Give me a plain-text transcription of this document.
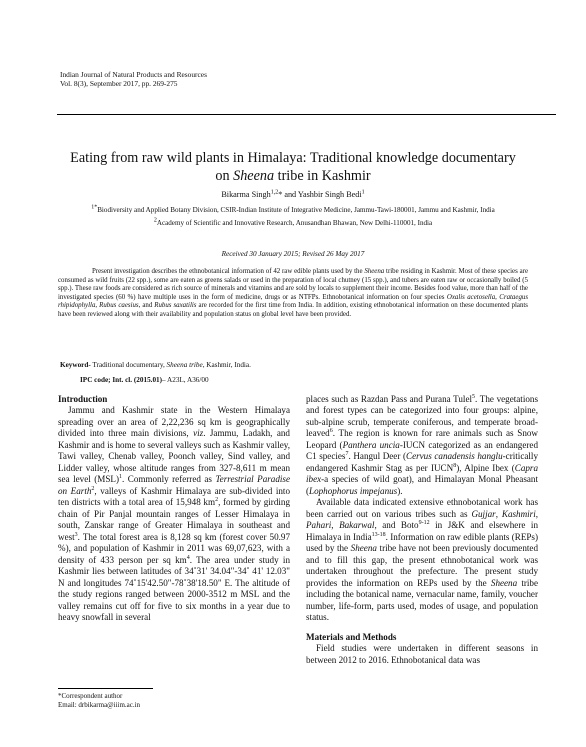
Indian Journal of Natural Products and Resources
Vol. 8(3), September 2017, pp. 269-275
Eating from raw wild plants in Himalaya: Traditional knowledge documentary
on Sheena tribe in Kashmir
Bikarma Singh$^{1,2}$* and Yashbir Singh Bedi$^1$
$^{1*}$Biodiversity and Applied Botany Division, CSIR-Indian Institute of Integrative Medicine, Jammu-Tawi-180001, Jammu and Kashmir, India
$^2$Academy of Scientific and Innovative Research, Anusandhan Bhawan, New Delhi-110001, India
Received 30 January 2015; Revised 26 May 2017
Present investigation describes the ethnobotanical information of 42 raw edible plants used by the Sheena tribe residing in Kashmir. Most of these species are consumed as wild fruits (22 spp.), some are eaten as greens salads or used in the preparation of local chutney (15 spp.), and tubers are eaten raw or occasionally boiled (5 spp.). These raw foods are considered as rich source of minerals and vitamins and are sold by locals to supplement their income. Besides food value, more than half of the investigated species (60 %) have multiple uses in the form of medicine, drugs or as NTFPs. Ethnobotanical information on four species Oxalis acetosella, Crataegus rhipidophylla, Rubus caesius, and Rubus saxatilis are recorded for the first time from India. In addition, existing ethnobotanical information on these documented plants have been reviewed along with their availability and population status on global level have been provided.
Keyword- Traditional documentary, Sheena tribe, Kashmir, India.
IPC code; Int. cl. (2015.01)– A23L, A36/00
Introduction

Jammu and Kashmir state in the Western Himalaya spreading over an area of 2,22,236 sq km is geographically divided into three main divisions, viz. Jammu, Ladakh, and Kashmir and is home to several valleys such as Kashmir valley, Tawi valley, Chenab valley, Poonch valley, Sind valley, and Lidder valley, whose altitude ranges from 327-8,611 m mean sea level (MSL)$^1$. Commonly referred as Terrestrial Paradise on Earth$^2$, valleys of Kashmir Himalaya are sub-divided into ten districts with a total area of 15,948 $km^2$, formed by girding chain of Pir Panjal mountain ranges of Lesser Himalaya in south, Zanskar range of Greater Himalaya in southeast and west$^3$. The total forest area is 8,128 sq km (forest cover 50.97 %), and population of Kashmir in 2011 was 69,07,623, with a density of 433 person per sq $km^4$. The area under study in Kashmir lies between latitudes of 34˚31' 34.04"-34˚ 41' 12.03" N and longitudes 74˚15'42.50"-78˚38'18.50" E. The altitude of the study regions ranged between 2000-3512 m MSL and the valley remains cut off for five to six months in a year due to heavy snowfall in several

places such as Razdan Pass and Purana Tulel$^5$. The vegetations and forest types can be categorized into four groups: alpine, sub-alpine scrub, temperate coniferous, and temperate broad-leaved$^6$. The region is known for rare animals such as Snow Leopard (Panthera uncia-IUCN categorized as an endangered C1 species$^7$. Hangul Deer (Cervus canadensis hanglu-critically endangered Kashmir Stag as per IUCN$^8$), Alpine Ibex (Capra ibex-a species of wild goat), and Himalayan Monal Pheasant (Lophophorus impejanus).

Available data indicated extensive ethnobotanical work has been carried out on various tribes such as Gujjar, Kashmiri, Pahari, Bakarwal, and Boto$^{9-12}$ in J&K and elsewhere in Himalaya in India$^{13-18}$. Information on raw edible plants (REPs) used by the Sheena tribe have not been previously documented and to fill this gap, the present ethnobotanical work was undertaken throughout the prefecture. The present study provides the information on REPs used by the Sheena tribe including the botanical name, vernacular name, family, voucher number, life-form, parts used, modes of usage, and population status.

Materials and Methods

Field studies were undertaken in different seasons in between 2012 to 2016. Ethnobotanical data was

*Correspondent author
Email: drbikarma@iiim.ac.in
